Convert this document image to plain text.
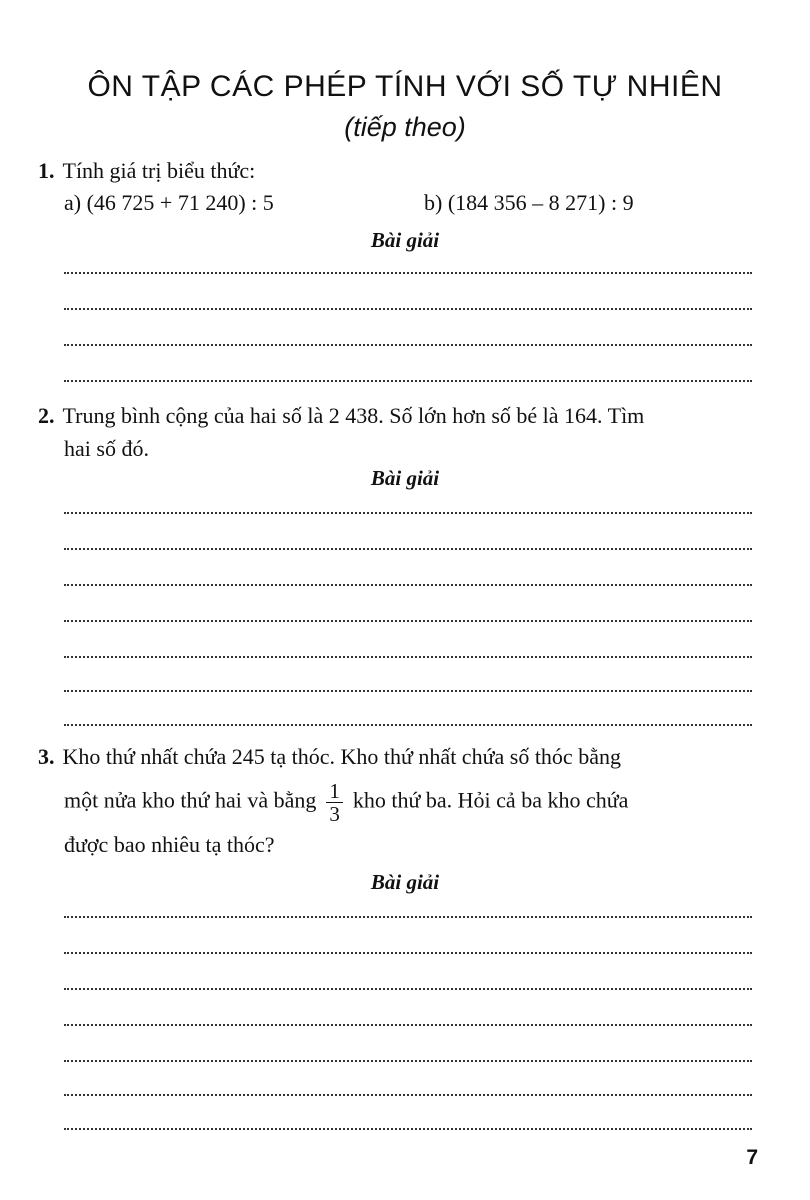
ÔN TẬP CÁC PHÉP TÍNH VỚI SỐ TỰ NHIÊN
(tiếp theo)
1. Tính giá trị biểu thức:
a) (46 725 + 71 240) : 5	b) (184 356 – 8 271) : 9
Bài giải
2. Trung bình cộng của hai số là 2 438. Số lớn hơn số bé là 164. Tìm
hai số đó.
Bài giải
3. Kho thứ nhất chứa 245 tạ thóc. Kho thứ nhất chứa số thóc bằng
một nửa kho thứ hai và bằng $\frac{1}{3}$ kho thứ ba. Hỏi cả ba kho chứa
được bao nhiêu tạ thóc?
Bài giải
7
